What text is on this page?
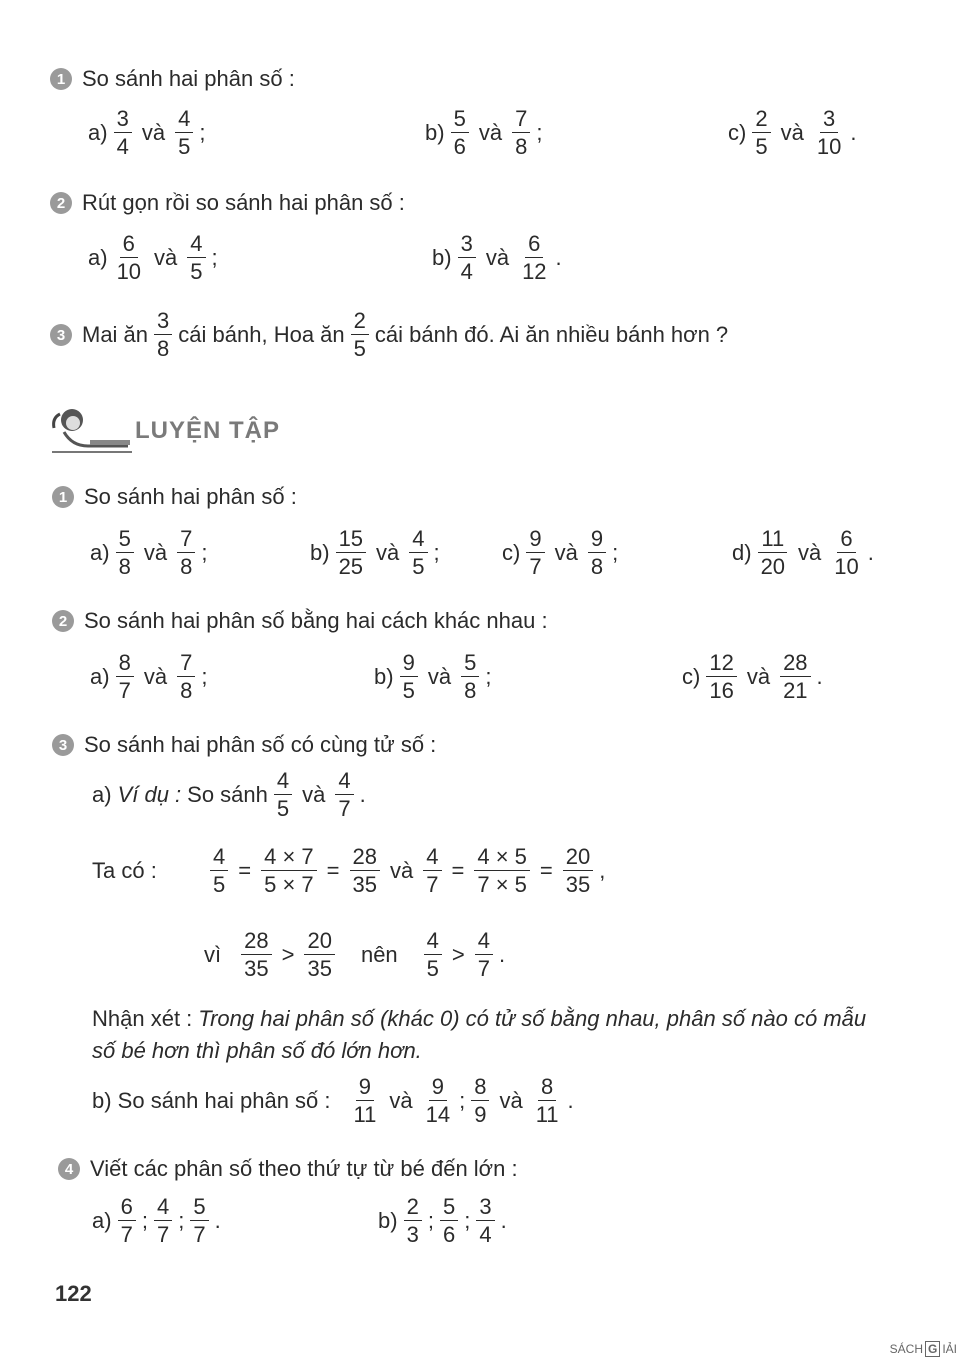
1 So sánh hai phân số :
$a) \frac{3}{4}$ và $\frac{4}{5}$ ;	$b) \frac{5}{6}$ và $\frac{7}{8}$ ;	$c) \frac{2}{5}$ và $\frac{3}{10}$ .
2 Rút gọn rồi so sánh hai phân số :
$a) \frac{6}{10}$ và $\frac{4}{5}$ ;	$b) \frac{3}{4}$ và $\frac{6}{12}$ .
3 Mai ăn $\frac{3}{8}$ cái bánh, Hoa ăn $\frac{2}{5}$ cái bánh đó. Ai ăn nhiều bánh hơn ?
LUYỆN TẬP
1 So sánh hai phân số :
$a) \frac{5}{8}$ và $\frac{7}{8}$ ;	$b) \frac{15}{25}$ và $\frac{4}{5}$ ;	$c) \frac{9}{7}$ và $\frac{9}{8}$ ;	$d) \frac{11}{20}$ và $\frac{6}{10}$ .
2 So sánh hai phân số bằng hai cách khác nhau :
$a) \frac{8}{7}$ và $\frac{7}{8}$ ;	$b) \frac{9}{5}$ và $\frac{5}{8}$ ;	$c) \frac{12}{16}$ và $\frac{28}{21}$ .
3 So sánh hai phân số có cùng tử số :
a) Ví dụ : So sánh $\frac{4}{5}$ và $\frac{4}{7}$ .
Ta có :	$\frac{4}{5} = \frac{4 \times 7}{5 \times 7} = \frac{28}{35}$ và $\frac{4}{7} = \frac{4 \times 5}{7 \times 5} = \frac{20}{35}$ ,
vì $\frac{28}{35} > \frac{20}{35}$ nên $\frac{4}{5} > \frac{4}{7}$ .
Nhận xét : Trong hai phân số (khác 0) có tử số bằng nhau, phân số nào có mẫu
số bé hơn thì phân số đó lớn hơn.
b) So sánh hai phân số : $\frac{9}{11}$ và $\frac{9}{14}$ ; $\frac{8}{9}$ và $\frac{8}{11}$ .
4 Viết các phân số theo thứ tự từ bé đến lớn :
$a) \frac{6}{7}$ ; $\frac{4}{7}$ ; $\frac{5}{7}$ .	$b) \frac{2}{3}$ ; $\frac{5}{6}$ ; $\frac{3}{4}$ .
122
SÁCH G IẢI
